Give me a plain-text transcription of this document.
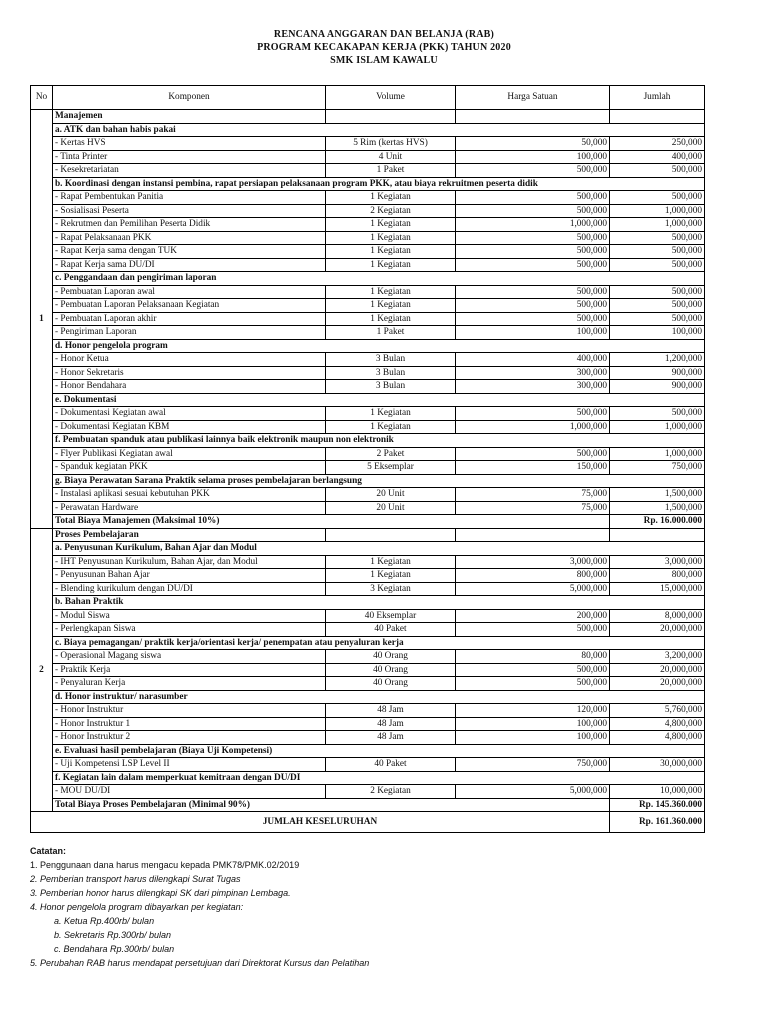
RENCANA ANGGARAN DAN BELANJA (RAB)
PROGRAM KECAKAPAN KERJA (PKK) TAHUN 2020
SMK ISLAM KAWALU
No	Komponen	Volume	Harga Satuan	Jumlah
1	Manajemen			
	a. ATK dan bahan habis pakai			
	- Kertas HVS	5 Rim (kertas HVS)	50,000	250,000
	- Tinta Printer	4 Unit	100,000	400,000
	- Kesekretariatan	1 Paket	500,000	500,000
	b. Koordinasi dengan instansi pembina, rapat persiapan pelaksanaan program PKK, atau biaya rekruitmen peserta didik			
	- Rapat Pembentukan Panitia	1 Kegiatan	500,000	500,000
	- Sosialisasi Peserta	2 Kegiatan	500,000	1,000,000
	- Rekrutmen dan Pemilihan Peserta Didik	1 Kegiatan	1,000,000	1,000,000
	- Rapat Pelaksanaan PKK	1 Kegiatan	500,000	500,000
	- Rapat Kerja sama dengan TUK	1 Kegiatan	500,000	500,000
	- Rapat Kerja sama DU/DI	1 Kegiatan	500,000	500,000
	c. Penggandaan dan pengiriman laporan			
	- Pembuatan Laporan awal	1 Kegiatan	500,000	500,000
	- Pembuatan Laporan Pelaksanaan Kegiatan	1 Kegiatan	500,000	500,000
	- Pembuatan Laporan akhir	1 Kegiatan	500,000	500,000
	- Pengiriman Laporan	1 Paket	100,000	100,000
	d. Honor pengelola program			
	- Honor Ketua	3 Bulan	400,000	1,200,000
	- Honor Sekretaris	3 Bulan	300,000	900,000
	- Honor Bendahara	3 Bulan	300,000	900,000
	e. Dokumentasi			
	- Dokumentasi Kegiatan awal	1 Kegiatan	500,000	500,000
	- Dokumentasi Kegiatan KBM	1 Kegiatan	1,000,000	1,000,000
	f. Pembuatan spanduk atau publikasi lainnya baik elektronik maupun non elektronik			
	- Flyer Publikasi Kegiatan awal	2 Paket	500,000	1,000,000
	- Spanduk kegiatan PKK	5 Eksemplar	150,000	750,000
	g. Biaya Perawatan Sarana Praktik selama proses pembelajaran berlangsung			
	- Instalasi aplikasi sesuai kebutuhan PKK	20 Unit	75,000	1,500,000
	- Perawatan Hardware	20 Unit	75,000	1,500,000
	Total Biaya Manajemen (Maksimal 10%)			Rp. 16.000.000
2	Proses Pembelajaran			
	a. Penyusunan Kurikulum, Bahan Ajar dan Modul			
	- IHT Penyusunan Kurikulum, Bahan Ajar, dan Modul	1 Kegiatan	3,000,000	3,000,000
	- Penyusunan Bahan Ajar	1 Kegiatan	800,000	800,000
	- Blending kurikulum dengan DU/DI	3 Kegiatan	5,000,000	15,000,000
	b. Bahan Praktik			
	- Modul Siswa	40 Eksemplar	200,000	8,000,000
	- Perlengkapan Siswa	40 Paket	500,000	20,000,000
	c. Biaya pemagangan/ praktik kerja/orientasi kerja/ penempatan atau penyaluran kerja			
	- Operasional Magang siswa	40 Orang	80,000	3,200,000
	- Praktik Kerja	40 Orang	500,000	20,000,000
	- Penyaluran Kerja	40 Orang	500,000	20,000,000
	d. Honor instruktur/ narasumber			
	- Honor Instruktur	48 Jam	120,000	5,760,000
	- Honor Instruktur 1	48 Jam	100,000	4,800,000
	- Honor Instruktur 2	48 Jam	100,000	4,800,000
	e. Evaluasi hasil pembelajaran (Biaya Uji Kompetensi)			
	- Uji Kompetensi LSP Level II	40 Paket	750,000	30,000,000
	f. Kegiatan lain dalam memperkuat kemitraan dengan DU/DI			
	- MOU DU/DI	2 Kegiatan	5,000,000	10,000,000
	Total Biaya Proses Pembelajaran (Minimal 90%)			Rp. 145.360.000
JUMLAH KESELURUHAN				Rp. 161.360.000
Catatan:
1. Penggunaan dana harus mengacu kepada PMK78/PMK.02/2019
2. Pemberian transport harus dilengkapi Surat Tugas
3. Pemberian honor harus dilengkapi SK dari pimpinan Lembaga.
4. Honor pengelola program dibayarkan per kegiatan:
a. Ketua Rp.400rb/ bulan
b. Sekretaris Rp.300rb/ bulan
c. Bendahara Rp.300rb/ bulan
5. Perubahan RAB harus mendapat persetujuan dari Direktorat Kursus dan Pelatihan
